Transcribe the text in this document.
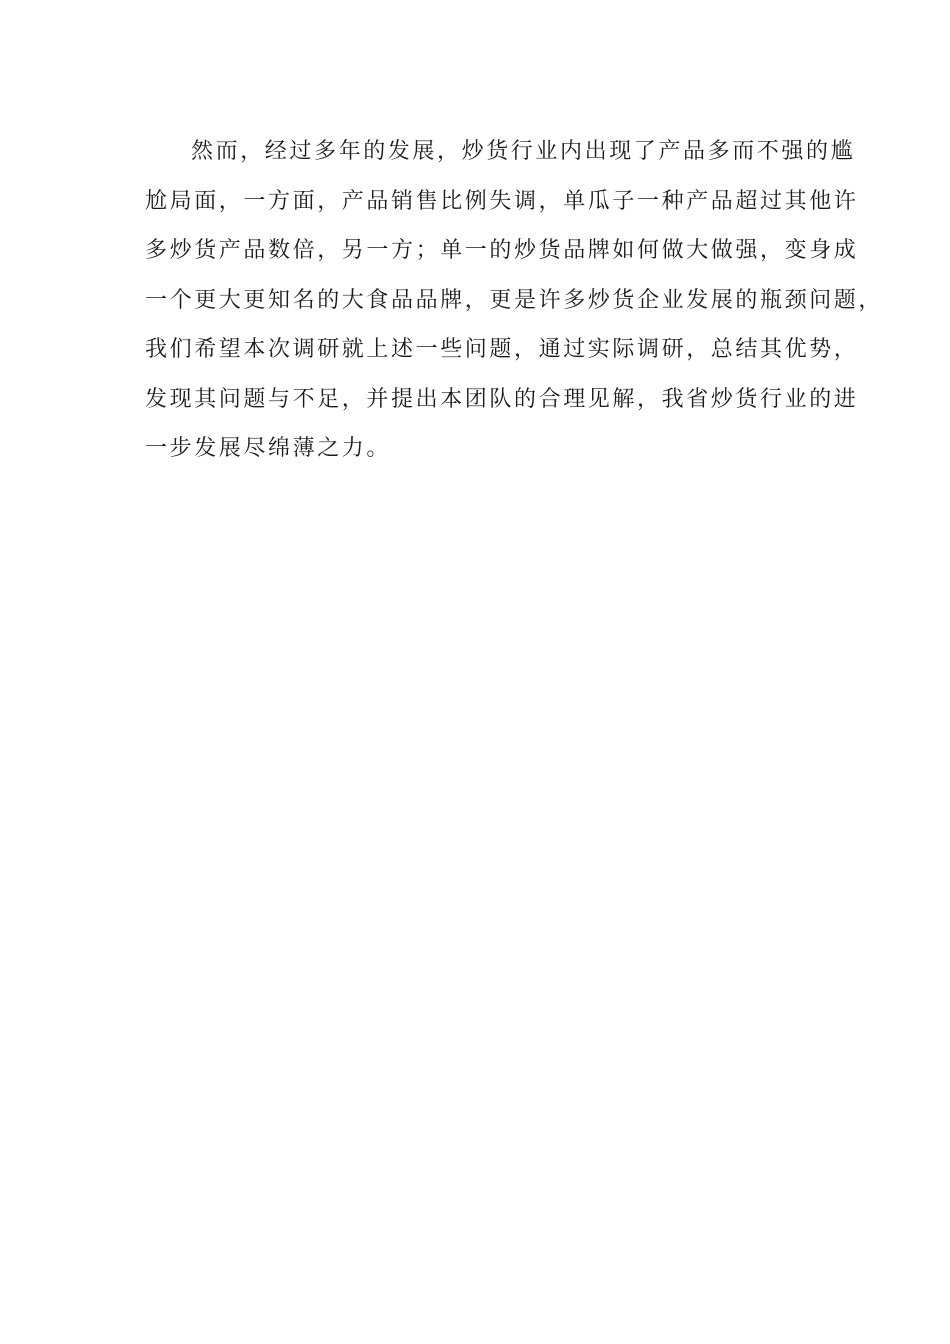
然而，经过多年的发展，炒货行业内出现了产品多而不强的尴
尬局面，一方面，产品销售比例失调，单瓜子一种产品超过其他许
多炒货产品数倍，另一方；单一的炒货品牌如何做大做强，变身成
一个更大更知名的大食品品牌，更是许多炒货企业发展的瓶颈问题，
我们希望本次调研就上述一些问题，通过实际调研，总结其优势，
发现其问题与不足，并提出本团队的合理见解，我省炒货行业的进
一步发展尽绵薄之力。
